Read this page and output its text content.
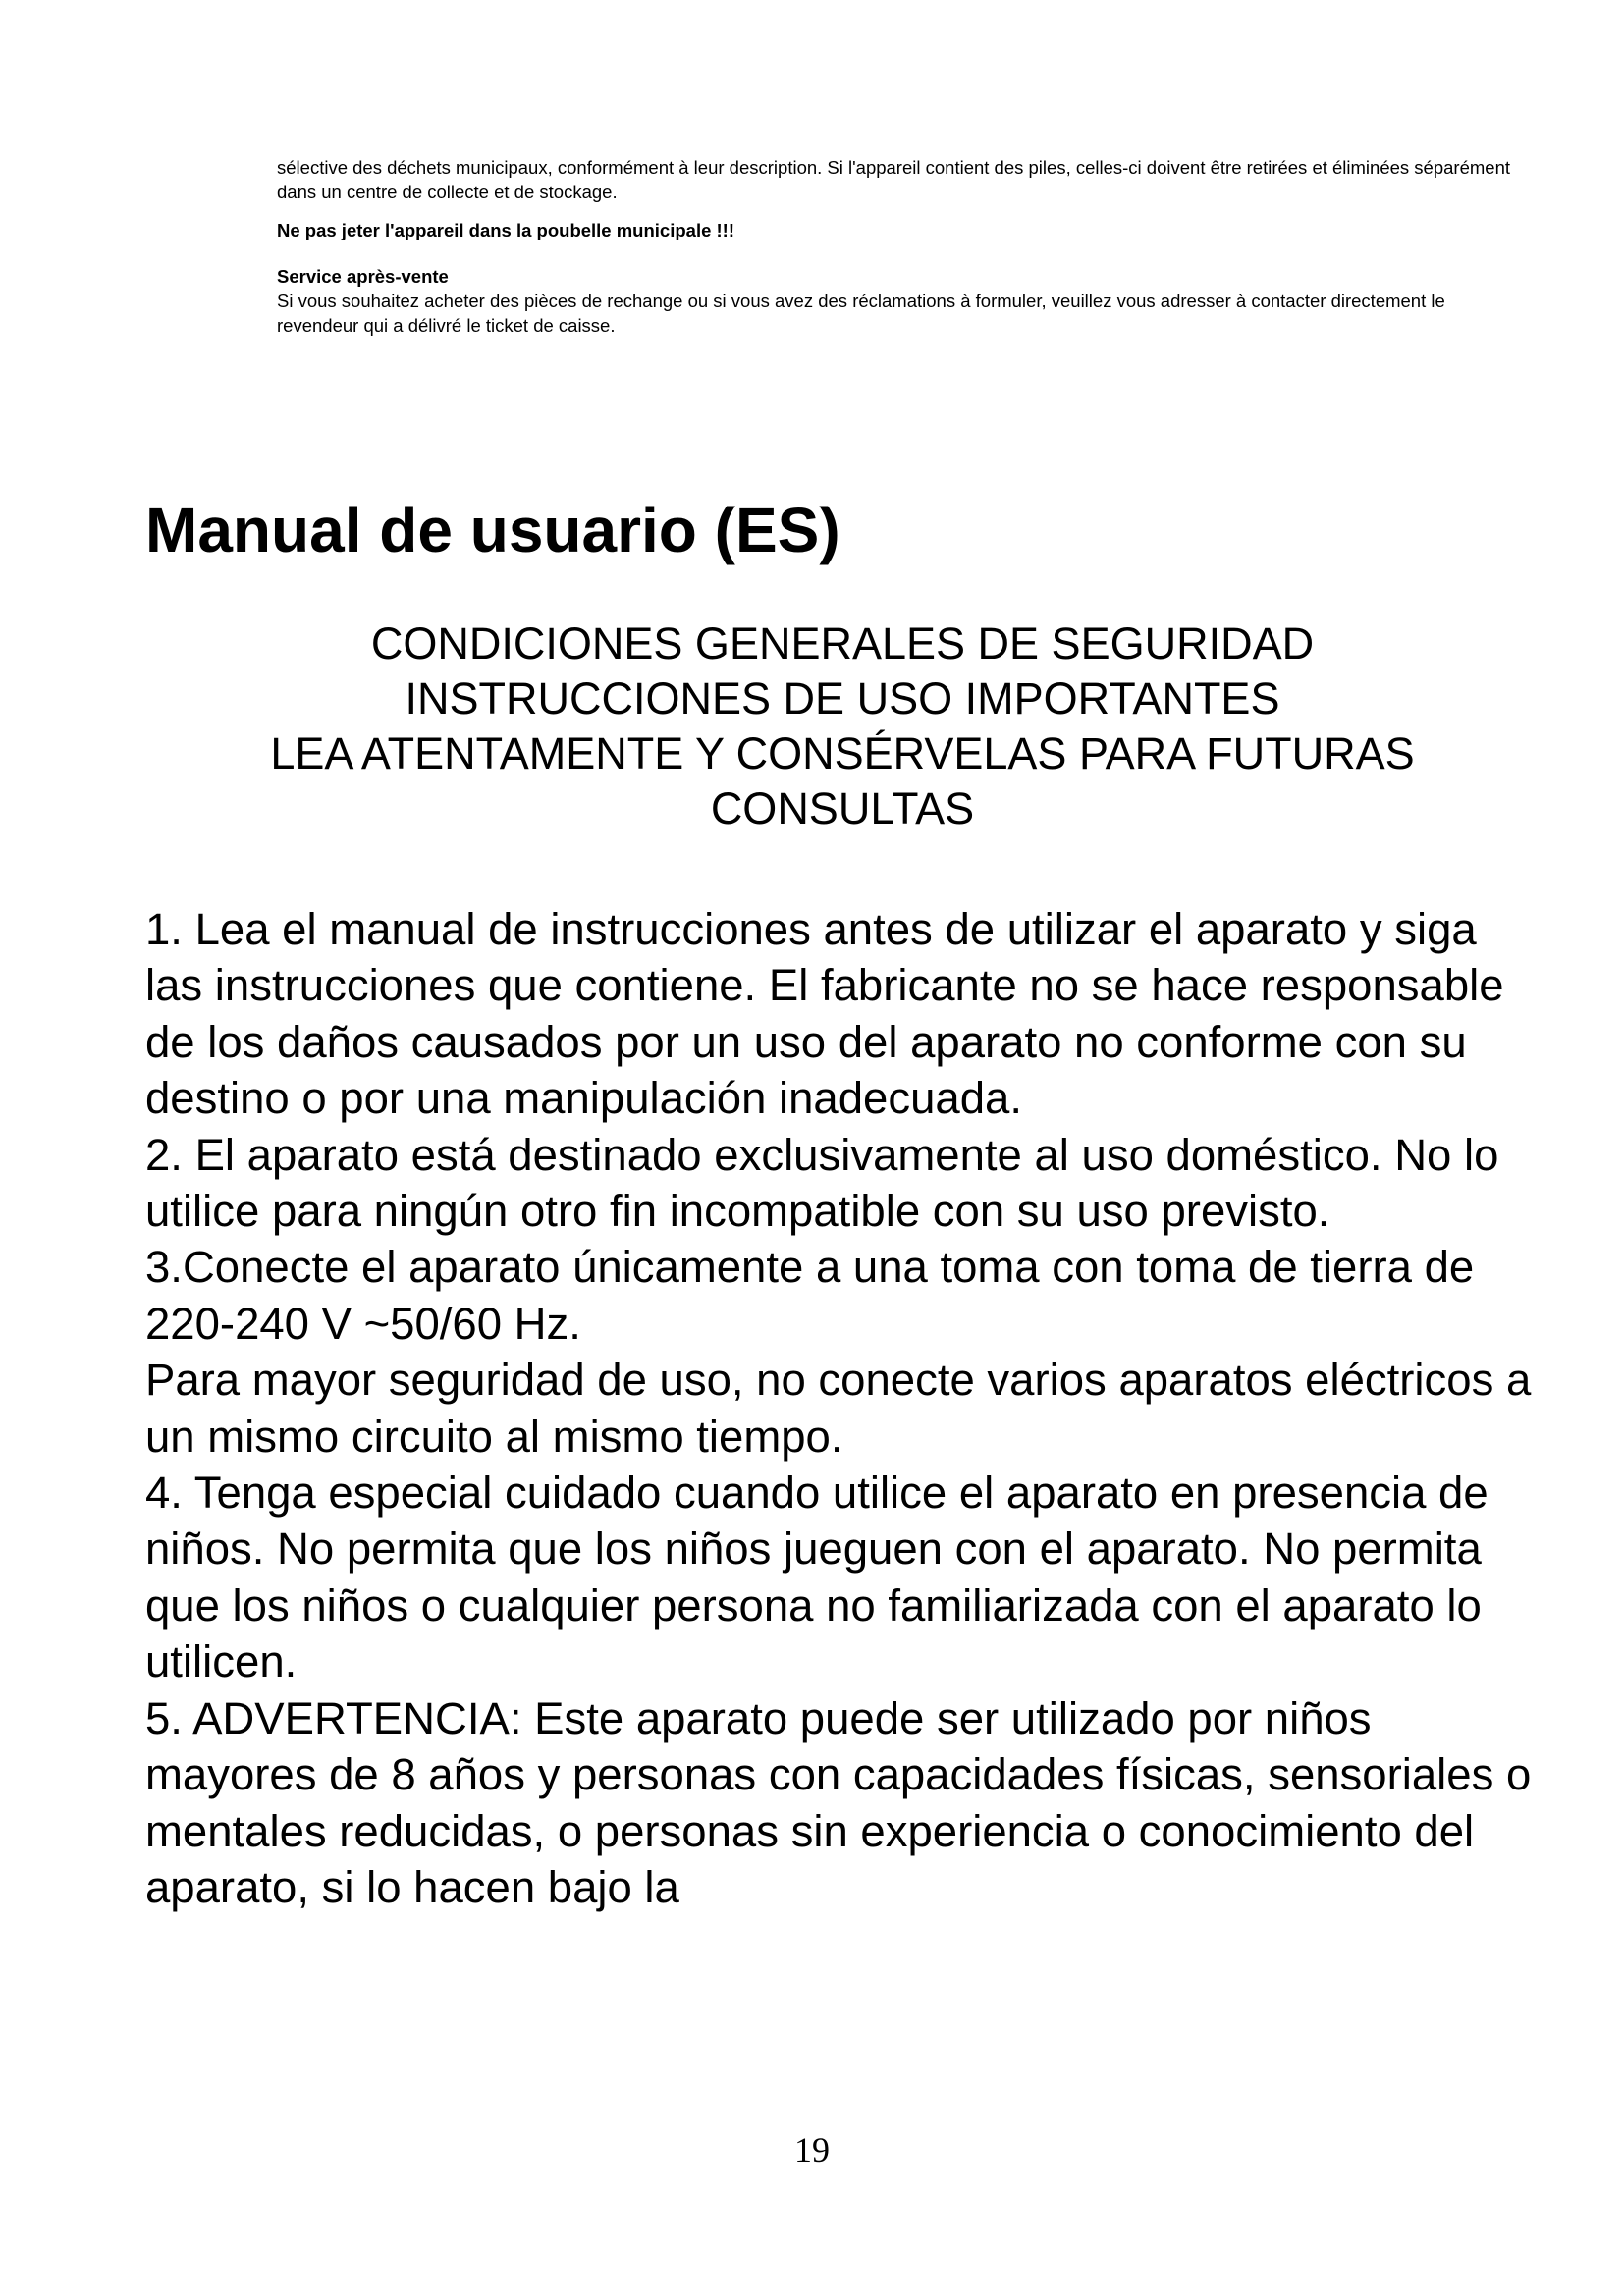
sélective des déchets municipaux, conformément à leur description. Si l'appareil contient des piles, celles-ci doivent être retirées et éliminées séparément dans un centre de collecte et de stockage.

Ne pas jeter l'appareil dans la poubelle municipale !!!

Service après-vente

Si vous souhaitez acheter des pièces de rechange ou si vous avez des réclamations à formuler, veuillez vous adresser à contacter directement le revendeur qui a délivré le ticket de caisse.

Manual de usuario (ES)
CONDICIONES GENERALES DE SEGURIDAD
INSTRUCCIONES DE USO IMPORTANTES
LEA ATENTAMENTE Y CONSÉRVELAS PARA FUTURAS
CONSULTAS

1. Lea el manual de instrucciones antes de utilizar el aparato y siga las instrucciones que contiene. El fabricante no se hace responsable de los daños causados por un uso del aparato no conforme con su destino o por una manipulación inadecuada.

2. El aparato está destinado exclusivamente al uso doméstico. No lo utilice para ningún otro fin incompatible con su uso previsto.

3.Conecte el aparato únicamente a una toma con toma de tierra de 220-240 V ~50/60 Hz.

Para mayor seguridad de uso, no conecte varios aparatos eléctricos a un mismo circuito al mismo tiempo.

4. Tenga especial cuidado cuando utilice el aparato en presencia de niños. No permita que los niños jueguen con el aparato. No permita que los niños o cualquier persona no familiarizada con el aparato lo utilicen.

5. ADVERTENCIA: Este aparato puede ser utilizado por niños mayores de 8 años y personas con capacidades físicas, sensoriales o mentales reducidas, o personas sin experiencia o conocimiento del aparato, si lo hacen bajo la

19
